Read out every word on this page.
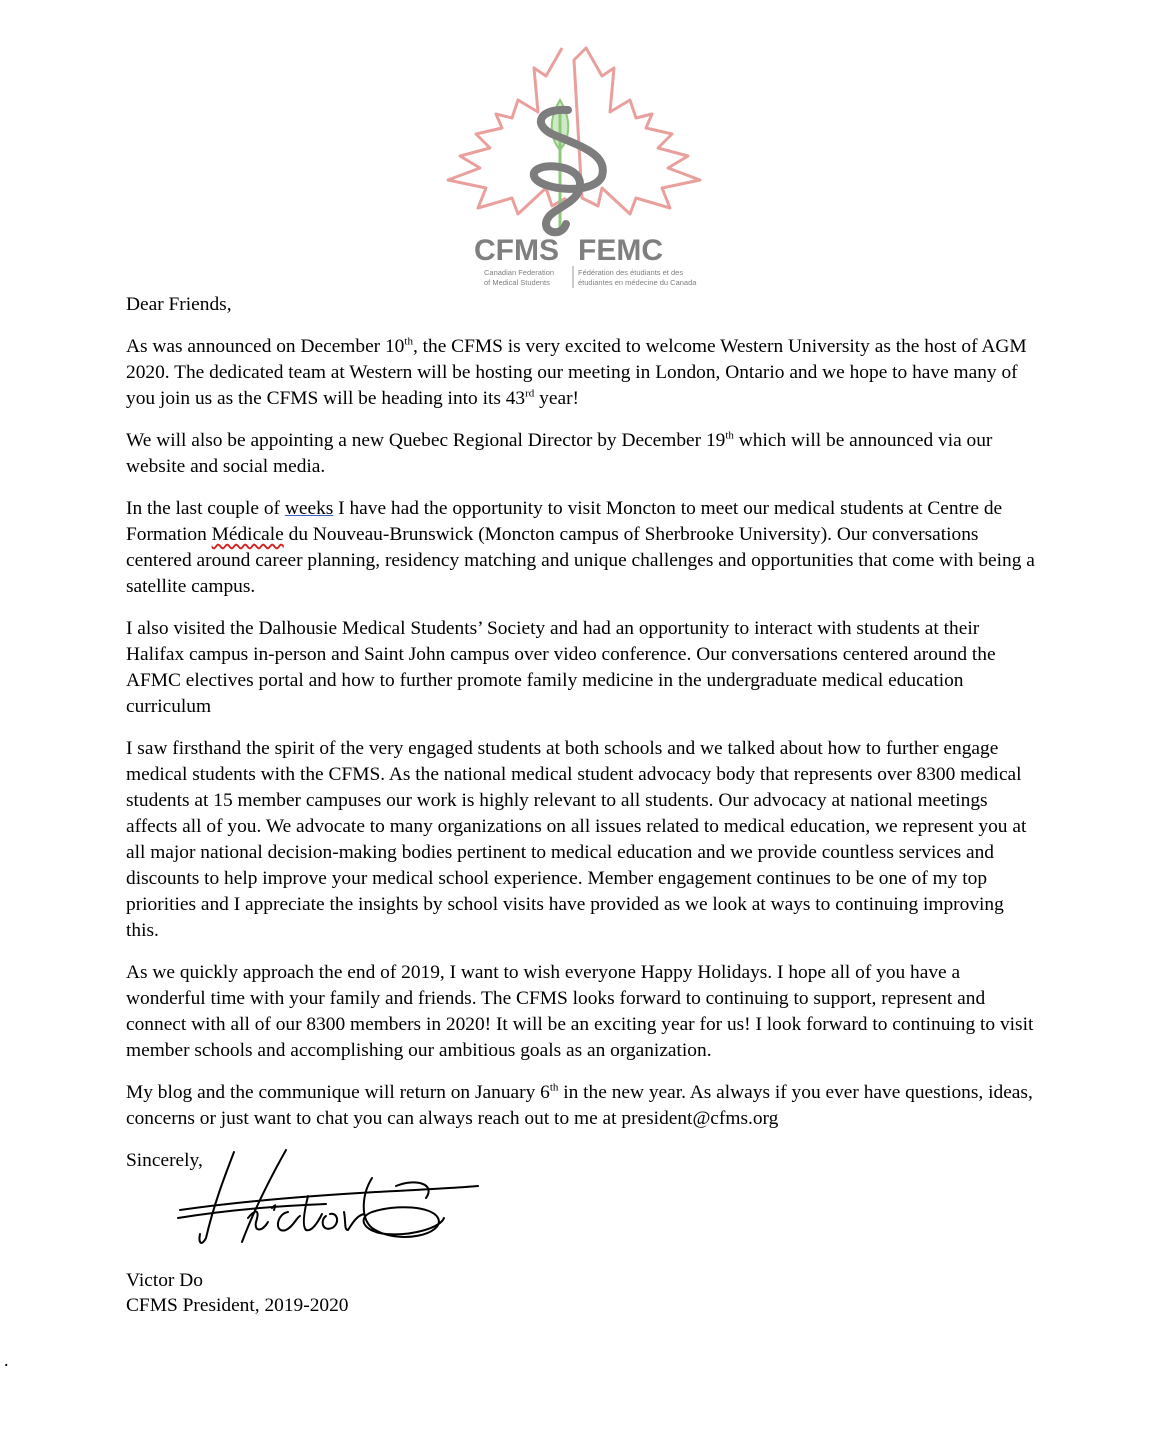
CFMS FEMC
Canadian Federation
of Medical Students
Fédération des étudiants et des
étudiantes en médecine du Canada

Dear Friends,

As was announced on December 10th, the CFMS is very excited to welcome Western University as the host of AGM 2020. The dedicated team at Western will be hosting our meeting in London, Ontario and we hope to have many of you join us as the CFMS will be heading into its 43rd year!

We will also be appointing a new Quebec Regional Director by December 19th which will be announced via our website and social media.

In the last couple of weeks I have had the opportunity to visit Moncton to meet our medical students at Centre de Formation Médicale du Nouveau-Brunswick (Moncton campus of Sherbrooke University). Our conversations centered around career planning, residency matching and unique challenges and opportunities that come with being a satellite campus.

I also visited the Dalhousie Medical Students’ Society and had an opportunity to interact with students at their Halifax campus in-person and Saint John campus over video conference. Our conversations centered around the AFMC electives portal and how to further promote family medicine in the undergraduate medical education curriculum

I saw firsthand the spirit of the very engaged students at both schools and we talked about how to further engage medical students with the CFMS. As the national medical student advocacy body that represents over 8300 medical students at 15 member campuses our work is highly relevant to all students. Our advocacy at national meetings affects all of you. We advocate to many organizations on all issues related to medical education, we represent you at all major national decision-making bodies pertinent to medical education and we provide countless services and discounts to help improve your medical school experience. Member engagement continues to be one of my top priorities and I appreciate the insights by school visits have provided as we look at ways to continuing improving this.

As we quickly approach the end of 2019, I want to wish everyone Happy Holidays. I hope all of you have a wonderful time with your family and friends. The CFMS looks forward to continuing to support, represent and connect with all of our 8300 members in 2020! It will be an exciting year for us! I look forward to continuing to visit member schools and accomplishing our ambitious goals as an organization.

My blog and the communique will return on January 6th in the new year. As always if you ever have questions, ideas, concerns or just want to chat you can always reach out to me at president@cfms.org

Sincerely,

Victor Do
CFMS President, 2019-2020
.
